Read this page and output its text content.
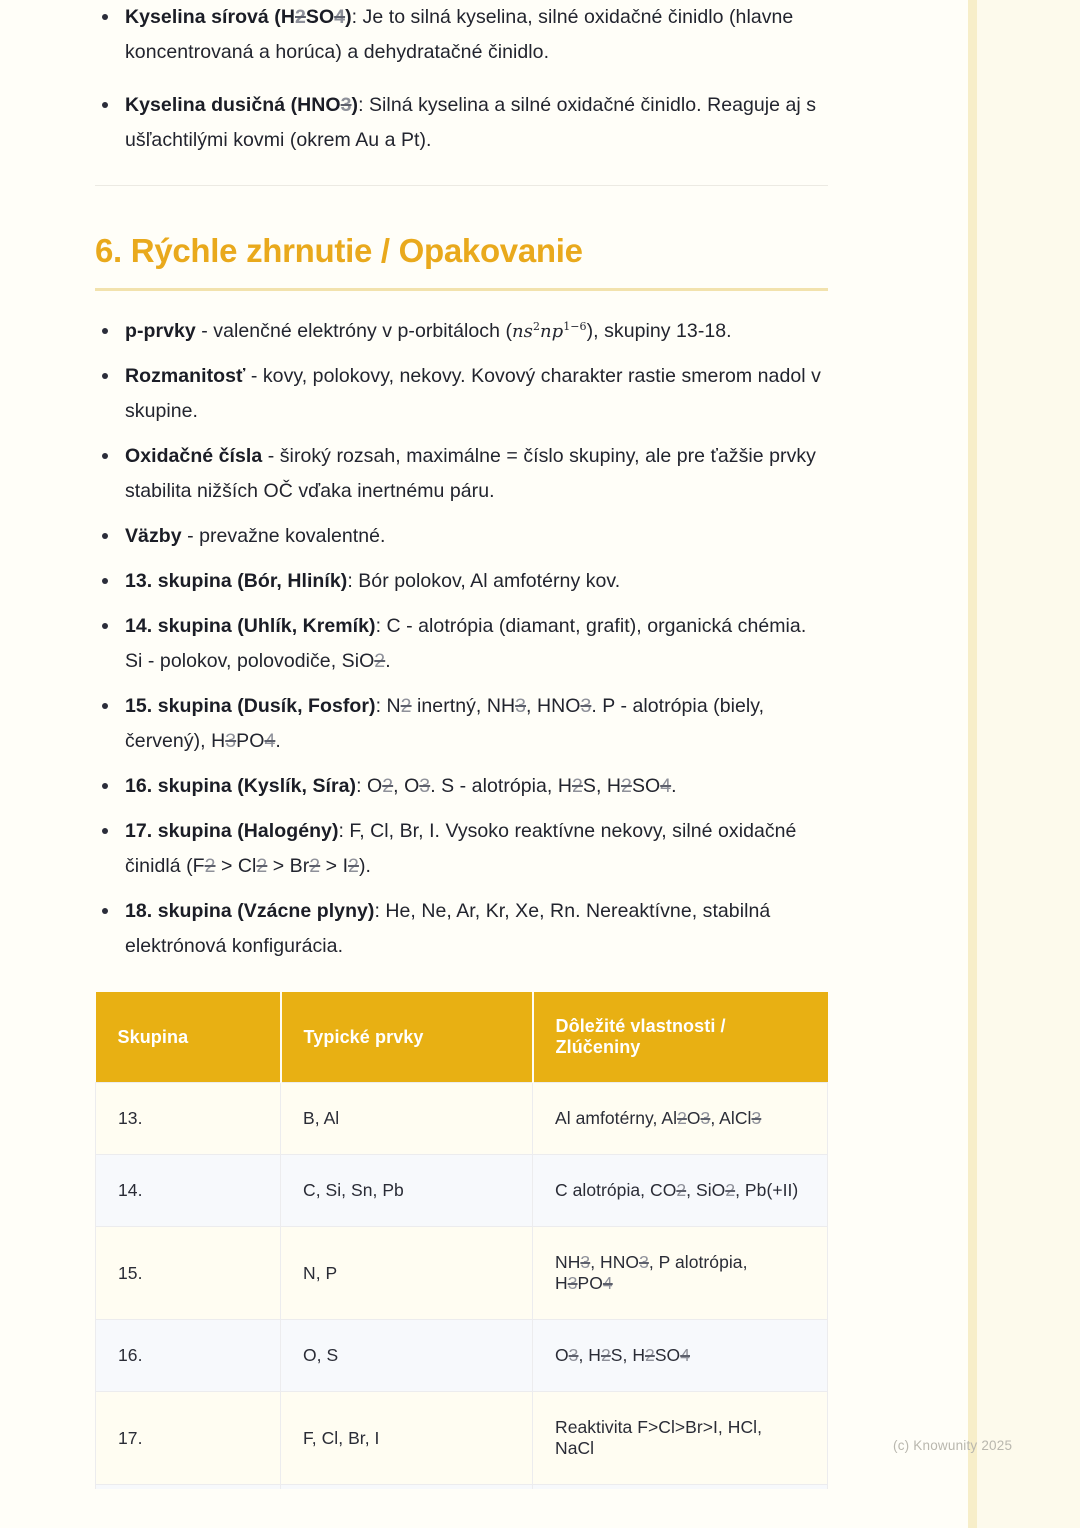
Kyselina sírová (H2SO4): Je to silná kyselina, silné oxidačné činidlo (hlavne koncentrovaná a horúca) a dehydratačné činidlo.
Kyselina dusičná (HNO3): Silná kyselina a silné oxidačné činidlo. Reaguje aj s ušľachtilými kovmi (okrem Au a Pt).
6. Rýchle zhrnutie / Opakovanie
p-prvky - valenčné elektróny v p-orbitáloch $(ns^2np^{1-6})$, skupiny 13-18.
Rozmanitosť - kovy, polokovy, nekovy. Kovový charakter rastie smerom nadol v skupine.
Oxidačné čísla - široký rozsah, maximálne = číslo skupiny, ale pre ťažšie prvky stabilita nižších OČ vďaka inertnému páru.
Väzby - prevažne kovalentné.
13. skupina (Bór, Hliník): Bór polokov, Al amfotérny kov.
14. skupina (Uhlík, Kremík): C - alotrópia (diamant, grafit), organická chémia. Si - polokov, polovodiče, SiO2.
15. skupina (Dusík, Fosfor): N2 inertný, NH3, HNO3. P - alotrópia (biely, červený), H3PO4.
16. skupina (Kyslík, Síra): O2, O3. S - alotrópia, H2S, H2SO4.
17. skupina (Halogény): F, Cl, Br, I. Vysoko reaktívne nekovy, silné oxidačné činidlá (F2 > Cl2 > Br2 > I2).
18. skupina (Vzácne plyny): He, Ne, Ar, Kr, Xe, Rn. Nereaktívne, stabilná elektrónová konfigurácia.
Skupina	Typické prvky	Dôležité vlastnosti / Zlúčeniny
13.	B, Al	Al amfotérny, Al2O3, AlCl3
14.	C, Si, Sn, Pb	C alotrópia, CO2, SiO2, Pb(+II)
15.	N, P	NH3, HNO3, P alotrópia, H3PO4
16.	O, S	O3, H2S, H2SO4
17.	F, Cl, Br, I	Reaktivita F>Cl>Br>I, HCl, NaCl
			(c) Knowunity 2025
